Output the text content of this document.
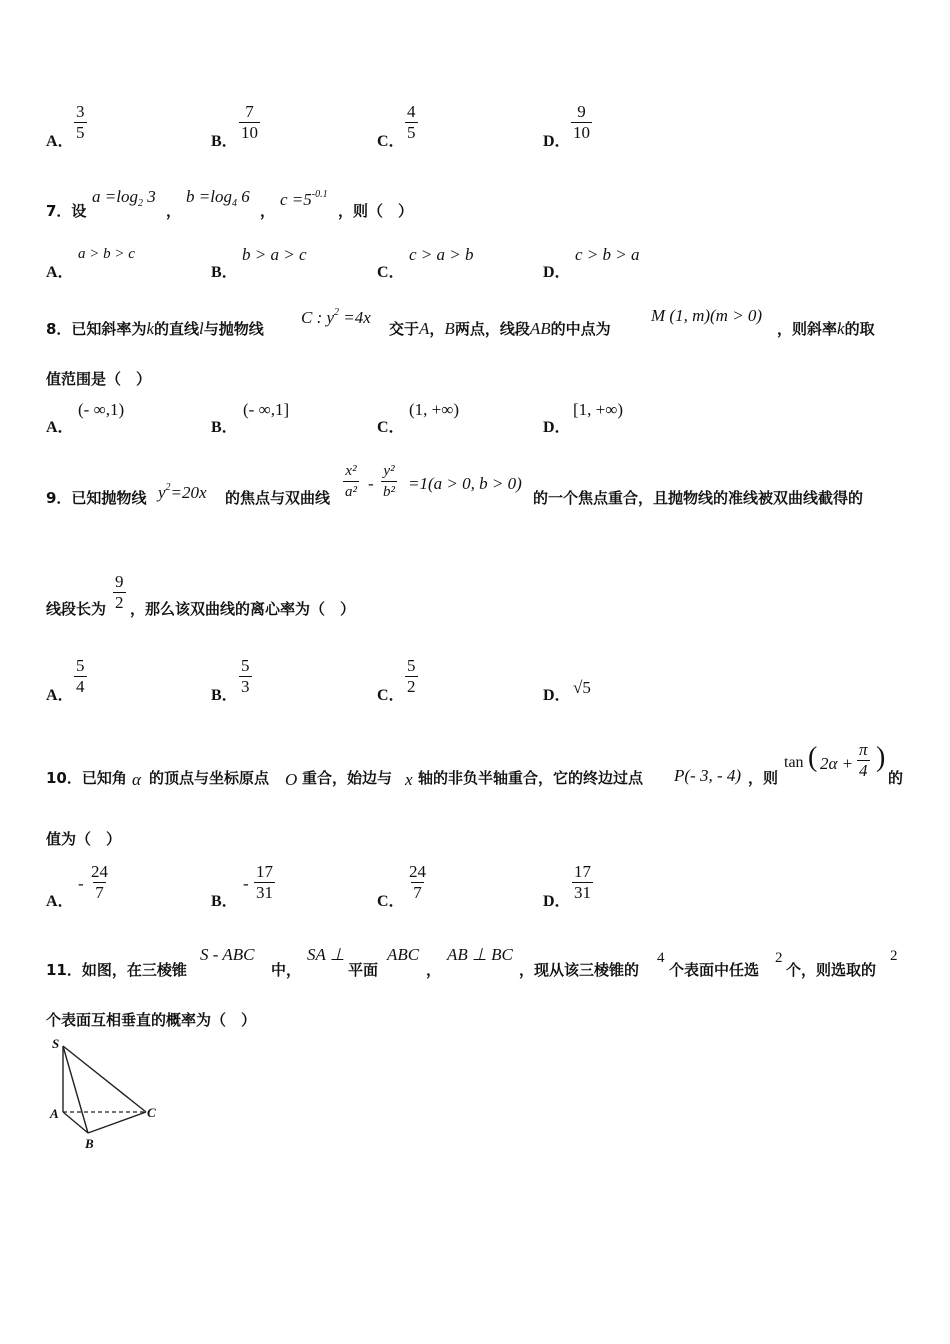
A． $\frac{3}{5}$	B． $\frac{7}{10}$	C． $\frac{4}{5}$	D． $\frac{9}{10}$
7．设
$a =\log_2$ 3
，
$b =\log_4$ 6
，
$c =5^{-0.1}$
，则（　）
A．
a > b > c
B．
b > a > c
C．
c > a > b
D．
c > b > a
8．已知斜率为k的直线l与抛物线
C : $y^2 =4x$
交于A，B两点，线段AB的中点为
M (1, m)(m > 0)
，则斜率k的取
值范围是（　）
A．
(- ∞,1)
B．
(- ∞,1]
C．
(1, +∞)
D．
[1, +∞)
9．已知抛物线 $y^2=20x$ 的焦点与双曲线 $\frac{\text{x²}}{\text{a²}} - \frac{\text{y²}}{\text{b²}} =1(a > 0$, b > 0)
的一个焦点重合，且抛物线的准线被双曲线截得的
线段长为 $\frac{9}{2}$ ，那么该双曲线的离心率为（　）
A． $\frac{5}{4}$	B． $\frac{5}{3}$	C． $\frac{5}{2}$	D． √5
10．已知角 α 的顶点与坐标原点 O 重合，始边与 x 轴的非负半轴重合，它的终边过点 P(- 3, - 4) ，则
tan ( $2\alpha + \frac{\pi}{4}$ )
的
值为（　）
A．
- $\frac{24}{7}$	B．
- $\frac{17}{31}$	C． $\frac{24}{7}$	D． $\frac{17}{31}$
11．如图，在三棱锥
S - ABC
中，
SA ⊥
平面
ABC
，
AB ⊥ BC
，现从该三棱锥的
4
个表面中任选
2
个，则选取的
2
个表面互相垂直的概率为（　）
S
A
B
C
